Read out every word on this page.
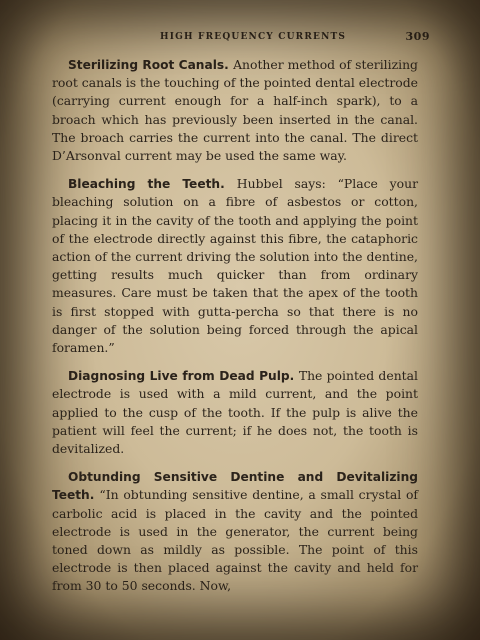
HIGH FREQUENCY CURRENTS	309

Sterilizing Root Canals. Another method of sterilizing root canals is the touching of the pointed dental electrode (carrying current enough for a half-inch spark), to a broach which has previously been inserted in the canal. The broach carries the current into the canal. The direct D’Arsonval current may be used the same way.

Bleaching the Teeth. Hubbel says: “Place your bleaching solution on a fibre of asbestos or cotton, placing it in the cavity of the tooth and applying the point of the electrode directly against this fibre, the cataphoric action of the current driving the solution into the dentine, getting results much quicker than from ordinary measures. Care must be taken that the apex of the tooth is first stopped with gutta-percha so that there is no danger of the solution being forced through the apical foramen.”

Diagnosing Live from Dead Pulp. The pointed dental electrode is used with a mild current, and the point applied to the cusp of the tooth. If the pulp is alive the patient will feel the current; if he does not, the tooth is devitalized.

Obtunding Sensitive Dentine and Devitalizing Teeth. “In obtunding sensitive dentine, a small crystal of carbolic acid is placed in the cavity and the pointed electrode is used in the generator, the current being toned down as mildly as possible. The point of this electrode is then placed against the cavity and held for from 30 to 50 seconds. Now,
